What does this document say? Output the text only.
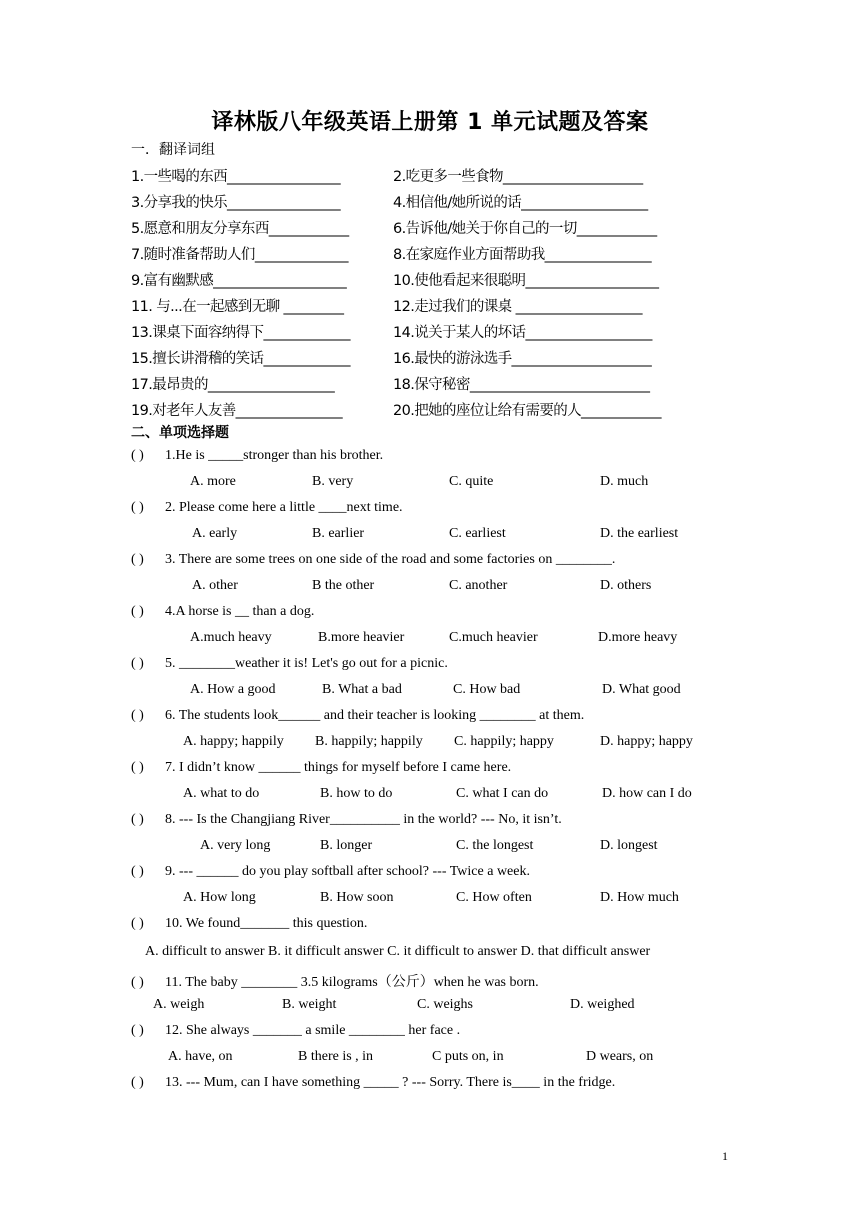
译林版八年级英语上册第 1 单元试题及答案
一．翻译词组
1.一些喝的东西_________________	2.吃更多一些食物_____________________
3.分享我的快乐_________________	4.相信他/她所说的话___________________
5.愿意和朋友分享东西____________	6.告诉他/她关于你自己的一切____________
7.随时准备帮助人们______________	8.在家庭作业方面帮助我________________
9.富有幽默感____________________	10.使他看起来很聪明____________________
11. 与...在一起感到无聊 _________	12.走过我们的课桌 ___________________
13.课桌下面容纳得下_____________	14.说关于某人的坏话___________________
15.擅长讲滑稽的笑话_____________	16.最快的游泳选手_____________________
17.最昂贵的___________________	18.保守秘密___________________________
19.对老年人友善________________	20.把她的座位让给有需要的人____________
二、单项选择题
( ) 1.He is _____stronger than his brother.
A. more	B. very	C. quite	D. much
( ) 2. Please come here a little ____next time.
A. early	B. earlier	C. earliest	D. the earliest
( ) 3. There are some trees on one side of the road and some factories on ________.
A. other	B the other	C. another	D. others
( ) 4.A horse is __ than a dog.
A.much heavy	B.more heavier	C.much heavier	D.more heavy
( ) 5. ________weather it is! Let's go out for a picnic.
A. How a good	B. What a bad	C. How bad	D. What good
( ) 6. The students look______ and their teacher is looking ________ at them.
A. happy; happily B. happily; happily C. happily; happy	D. happy; happy
( ) 7. I didn’t know ______ things for myself before I came here.
A. what to do	B. how to do	C. what I can do	D. how can I do
( ) 8. --- Is the Changjiang River__________ in the world? --- No, it isn’t.
A. very long	B. longer	C. the longest	D. longest
( ) 9. --- ______ do you play softball after school? --- Twice a week.
A. How long	B. How soon	C. How often	D. How much
( ) 10. We found_______ this question.
A. difficult to answer B. it difficult answer C. it difficult to answer D. that difficult answer
( ) 11. The baby ________ 3.5 kilograms（公斤）when he was born.
A. weigh	B. weight	C. weighs	D. weighed
( ) 12. She always _______ a smile ________ her face .
A. have, on	B there is , in	C puts on, in	D wears, on
( ) 13. --- Mum, can I have something _____ ? --- Sorry. There is____ in the fridge.
1
